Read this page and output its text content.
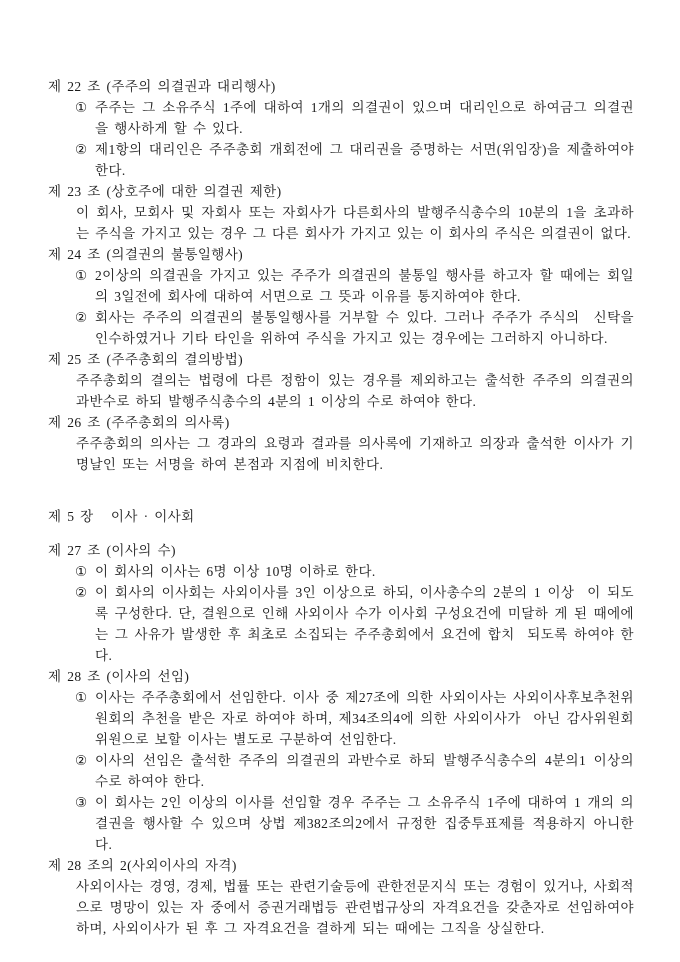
제 22 조 (주주의 의결권과 대리행사)
① 주주는 그 소유주식 1주에 대하여 1개의 의결권이 있으며 대리인으로 하여금그 의결권을 행사하게 할 수 있다.
② 제1항의 대리인은 주주총회 개회전에 그 대리권을 증명하는 서면(위임장)을 제출하여야 한다.
제 23 조 (상호주에 대한 의결권 제한)
이 회사, 모회사 및 자회사 또는 자회사가 다른회사의 발행주식총수의 10분의 1을 초과하는 주식을 가지고 있는 경우 그 다른 회사가 가지고 있는 이 회사의 주식은 의결권이 없다.
제 24 조 (의결권의 불통일행사)
① 2이상의 의결권을 가지고 있는 주주가 의결권의 불통일 행사를 하고자 할 때에는 회일의 3일전에 회사에 대하여 서면으로 그 뜻과 이유를 통지하여야 한다.
② 회사는 주주의 의결권의 불통일행사를 거부할 수 있다. 그러나 주주가 주식의  신탁을 인수하였거나 기타 타인을 위하여 주식을 가지고 있는 경우에는 그러하지 아니하다.
제 25 조 (주주총회의 결의방법)
주주총회의 결의는 법령에 다른 정함이 있는 경우를 제외하고는 출석한 주주의 의결권의 과반수로 하되 발행주식총수의 4분의 1 이상의 수로 하여야 한다.
제 26 조 (주주총회의 의사록)
주주총회의 의사는 그 경과의 요령과 결과를 의사록에 기재하고 의장과 출석한 이사가 기명날인 또는 서명을 하여 본점과 지점에 비치한다.
제 5 장   이사 · 이사회
제 27 조 (이사의 수)
① 이 회사의 이사는 6명 이상 10명 이하로 한다.
② 이 회사의 이사회는 사외이사를 3인 이상으로 하되, 이사총수의 2분의 1 이상  이 되도록 구성한다. 단, 결원으로 인해 사외이사 수가 이사회 구성요건에 미달하 게 된 때에에는 그 사유가 발생한 후 최초로 소집되는 주주총회에서 요건에 합치  되도록 하여야 한다.
제 28 조 (이사의 선임)
① 이사는 주주총회에서 선임한다. 이사 중 제27조에 의한 사외이사는 사외이사후보추천위원회의 추천을 받은 자로 하여야 하며, 제34조의4에 의한 사외이사가  아닌 감사위원회 위원으로 보할 이사는 별도로 구분하여 선임한다.
② 이사의 선임은 출석한 주주의 의결권의 과반수로 하되 발행주식총수의 4분의1 이상의 수로 하여야 한다.
③ 이 회사는 2인 이상의 이사를 선임할 경우 주주는 그 소유주식 1주에 대하여 1 개의 의결권을 행사할 수 있으며 상법 제382조의2에서 규정한 집중투표제를 적용하지 아니한다.
제 28 조의 2(사외이사의 자격)
사외이사는 경영, 경제, 법률 또는 관련기술등에 관한전문지식 또는 경험이 있거나, 사회적으로 명망이 있는 자 중에서 증권거래법등 관련법규상의 자격요건을 갖춘자로 선임하여야 하며, 사외이사가 된 후 그 자격요건을 결하게 되는 때에는 그직을 상실한다.
